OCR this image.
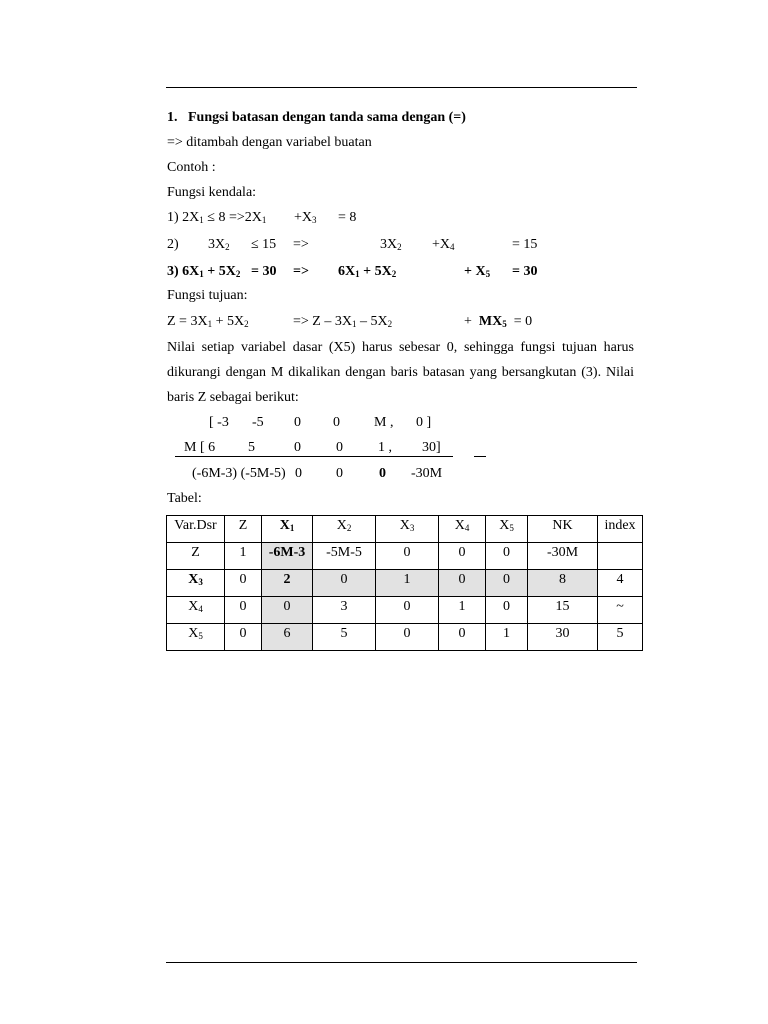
1. Fungsi batasan dengan tanda sama dengan (=)
=> ditambah dengan variabel buatan
Contoh :
Fungsi kendala:
1) $2X_1 \le 8 =>2X_1 +X_3 = 8$
2) $3X_2 \le 15$ =>	$3X_2 +X_4$	= 15
3) $6X_1 + 5X_2 = 30 => 6X_1 + 5X_2$	+ $X_5 = 30$
Fungsi tujuan:
$Z = 3X_1 + 5X_2$	=> Z – $3X_1 - 5X_2$	+ $MX_5 = 0$
Nilai setiap variabel dasar (X5) harus sebesar 0, sehingga fungsi tujuan harus
dikurangi dengan M dikalikan dengan baris batasan yang bersangkutan (3). Nilai
baris Z sebagai berikut:
[ -3 -5 0 0 M , 0 ]
M [ 6 5	0	0	1 , 30]
(-6M-3) (-5M-5) 0 0	0 -30M
Tabel:
Var.Dsr	Z	$X_1$	$X_2$	$X_3$	$X_4$	$X_5$	NK	index
Z	1	-6M-3	-5M-5	0	0	0	-30M	
$X_3$	0	2	0	1	0	0	8	4
$X_4$	0	0	3	0	1	0	15	~
$X_5$	0	6	5	0	0	1	30	5
